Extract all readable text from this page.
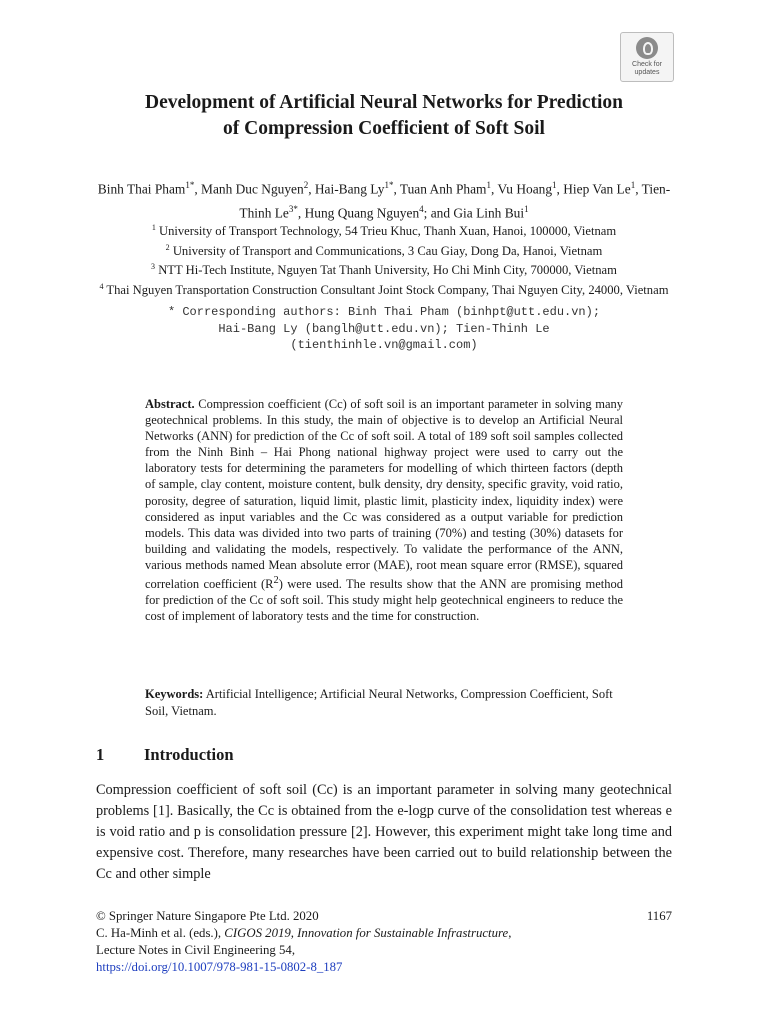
Check for
updates
Development of Artificial Neural Networks for Prediction
of Compression Coefficient of Soft Soil
Binh Thai Pham$^{1*}$, Manh Duc Nguyen$^2$, Hai-Bang $Ly^{1*}$, Tuan Anh Pham$^1$, Vu Hoang$^1$, Hiep Van Le$^1$, Tien-Thinh $Le^{3*}$, Hung Quang Nguyen$^4$; and Gia Linh Bui$^1$
$^1$ University of Transport Technology, 54 Trieu Khuc, Thanh Xuan, Hanoi, 100000, Vietnam
$^2$ University of Transport and Communications, 3 Cau Giay, Dong Da, Hanoi, Vietnam
$^3$ NTT Hi-Tech Institute, Nguyen Tat Thanh University, Ho Chi Minh City, 700000, Vietnam
$^4$ Thai Nguyen Transportation Construction Consultant Joint Stock Company, Thai Nguyen City, 24000, Vietnam
* Corresponding authors: Binh Thai Pham (binhpt@utt.edu.vn);
Hai-Bang Ly (banglh@utt.edu.vn); Tien-Thinh Le
(tienthinhle.vn@gmail.com)

Abstract. Compression coefficient (Cc) of soft soil is an important parameter in solving many geotechnical problems. In this study, the main of objective is to develop an Artificial Neural Networks (ANN) for prediction of the Cc of soft soil. A total of 189 soft soil samples collected from the Ninh Binh – Hai Phong national highway project were used to carry out the laboratory tests for determining the parameters for modelling of which thirteen factors (depth of sample, clay content, moisture content, bulk density, dry density, specific gravity, void ratio, porosity, degree of saturation, liquid limit, plastic limit, plasticity index, liquidity index) were considered as input variables and the Cc was considered as a output variable for prediction models. This data was divided into two parts of training (70%) and testing (30%) datasets for building and validating the models, respectively. To validate the performance of the ANN, various methods named Mean absolute error (MAE), root mean square error (RMSE), squared correlation coefficient $(R^2)$ were used. The results show that the ANN are promising method for prediction of the Cc of soft soil. This study might help geotechnical engineers to reduce the cost of implement of laboratory tests and the time for construction.

Keywords: Artificial Intelligence; Artificial Neural Networks, Compression Coefficient, Soft Soil, Vietnam.
1 Introduction

Compression coefficient of soft soil (Cc) is an important parameter in solving many geotechnical problems [1]. Basically, the Cc is obtained from the e-logp curve of the consolidation test whereas e is void ratio and p is consolidation pressure [2]. However, this experiment might take long time and expensive cost. Therefore, many researches have been carried out to build relationship between the Cc and other simple

© Springer Nature Singapore Pte Ltd. 2020
C. Ha-Minh et al. (eds.), CIGOS 2019, Innovation for Sustainable Infrastructure,
Lecture Notes in Civil Engineering 54,
https://doi.org/10.1007/978-981-15-0802-8_187
1167
